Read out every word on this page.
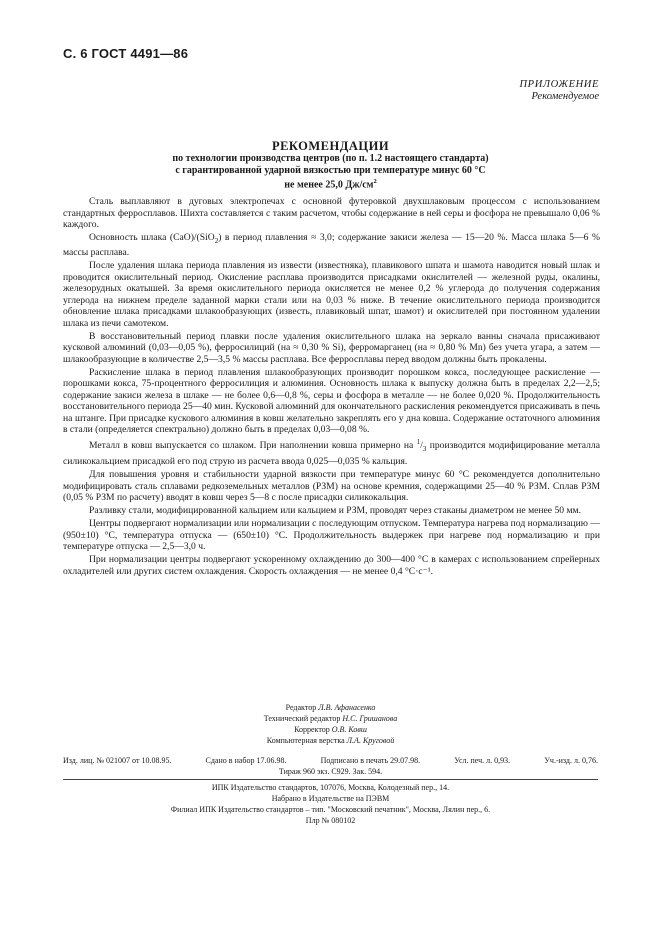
С. 6 ГОСТ 4491—86
ПРИЛОЖЕНИЕ
Рекомендуемое
РЕКОМЕНДАЦИИ
по технологии производства центров (по п. 1.2 настоящего стандарта)
с гарантированной ударной вязкостью при температуре минус 60 °С
не менее 25,0 $Дж/см^2$

Сталь выплавляют в дуговых электропечах с основной футеровкой двухшлаковым процессом с использованием стандартных ферросплавов. Шихта составляется с таким расчетом, чтобы содержание в ней серы и фосфора не превышало 0,06 % каждого.

Основность шлака (CaO)/(SiO$_2$) в период плавления ≈ 3,0; содержание закиси железа — 15—20 %. Масса шлака 5—6 % массы расплава.

После удаления шлака периода плавления из извести (известняка), плавикового шпата и шамота наводится новый шлак и проводится окислительный период. Окисление расплава производится присадками окислителей — железной руды, окалины, железорудных окатышей. За время окислительного периода окисляется не менее 0,2 % углерода до получения содержания углерода на нижнем пределе заданной марки стали или на 0,03 % ниже. В течение окислительного периода производится обновление шлака присадками шлакообразующих (известь, плавиковый шпат, шамот) и окислителей при постоянном удалении шлака из печи самотеком.

В восстановительный период плавки после удаления окислительного шлака на зеркало ванны сначала присаживают кусковой алюминий (0,03—0,05 %), ферросилиций (на ≈ 0,30 % Si), ферромарганец (на ≈ 0,80 % Mn) без учета угара, а затем — шлакообразующие в количестве 2,5—3,5 % массы расплава. Все ферросплавы перед вводом должны быть прокалены.

Раскисление шлака в период плавления шлакообразующих производит порошком кокса, последующее раскисление — порошками кокса, 75-процентного ферросилиция и алюминия. Основность шлака к выпуску должна быть в пределах 2,2—2,5; содержание закиси железа в шлаке — не более 0,6—0,8 %, серы и фосфора в металле — не более 0,020 %. Продолжительность восстановительного периода 25—40 мин. Кусковой алюминий для окончательного раскисления рекомендуется присаживать в печь на штанге. При присадке кускового алюминия в ковш желательно закреплять его у дна ковша. Содержание остаточного алюминия в стали (определяется спектрально) должно быть в пределах 0,03—0,08 %.

Металл в ковш выпускается со шлаком. При наполнении ковша примерно на $^1/_3$ производится модифицирование металла силикокальцием присадкой его под струю из расчета ввода 0,025—0,035 % кальция.

Для повышения уровня и стабильности ударной вязкости при температуре минус 60 °С рекомендуется дополнительно модифицировать сталь сплавами редкоземельных металлов (РЗМ) на основе кремния, содержащими 25—40 % РЗМ. Сплав РЗМ (0,05 % РЗМ по расчету) вводят в ковш через 5—8 с после присадки силикокальция.

Разливку стали, модифицированной кальцием или кальцием и РЗМ, проводят через стаканы диаметром не менее 50 мм.

Центры подвергают нормализации или нормализации с последующим отпуском. Температура нагрева под нормализацию — (950±10) °С, температура отпуска — (650±10) °С. Продолжительность выдержек при нагреве под нормализацию и при температуре отпуска — 2,5—3,0 ч.

При нормализации центры подвергают ускоренному охлаждению до 300—400 °С в камерах с использованием спрейерных охладителей или других систем охлаждения. Скорость охлаждения — не менее 0,4 °С·с⁻¹.

Редактор Л.В. Афанасенко
Технический редактор Н.С. Гришанова
Корректор О.В. Ковш
Компьютерная верстка Л.А. Круговой
Изд. лиц. № 021007 от 10.08.95.	Сдано в набор 17.06.98.	Подписано в печать 29.07.98.	Усл. печ. л. 0,93.	Уч.-изд. л. 0,76.
Тираж 960 экз. С929. Зак. 594.
ИПК Издательство стандартов, 107076, Москва, Колодезный пер., 14.
Набрано в Издательстве на ПЭВМ
Филиал ИПК Издательство стандартов – тип. "Московский печатник", Москва, Лялин пер., 6.
Плр № 080102
